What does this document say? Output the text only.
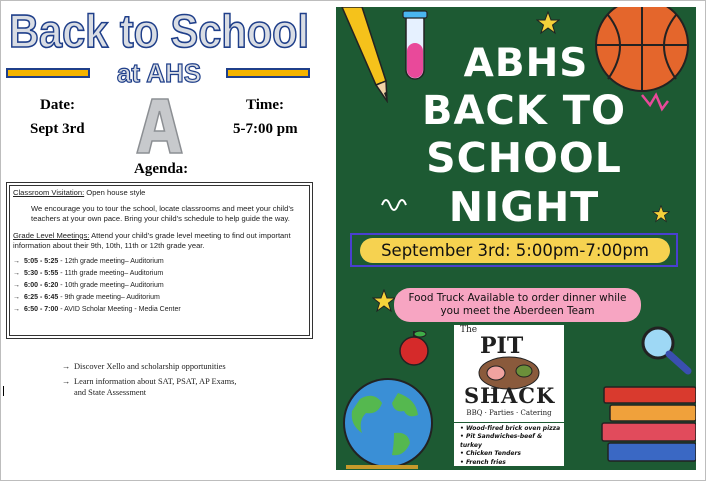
Back to School
at AHS
Date:
Sept 3rd
Time:
5-7:00 pm
Agenda:

Classroom Visitation: Open house style

We encourage you to tour the school, locate classrooms and meet your child’s teachers at your own pace. Bring your child’s schedule to help guide the way.

Grade Level Meetings: Attend your child’s grade level meeting to find out important information about their 9th, 10th, 11th or 12th grade year.

→ 5:05 - 5:25 - 12th grade meeting– Auditorium
→ 5:30 - 5:55 - 11th grade meeting– Auditorium
→ 6:00 - 6:20 - 10th grade meeting– Auditorium
→ 6:25 - 6:45 - 9th grade meeting– Auditorium
→ 6:50 - 7:00 - AVID Scholar Meeting - Media Center
→ Discover Xello and scholarship opportunities
→ Learn information about SAT, PSAT, AP Exams,
and State Assessment
ABHS
BACK TO
SCHOOL
NIGHT
September 3rd: 5:00pm-7:00pm
Food Truck Available to order dinner while
you meet the Aberdeen Team
The
PIT
SHACK
BBQ · Parties · Catering
• Wood-fired brick oven pizza
• Pit Sandwiches-beef & turkey
• Chicken Tenders
• French fries
